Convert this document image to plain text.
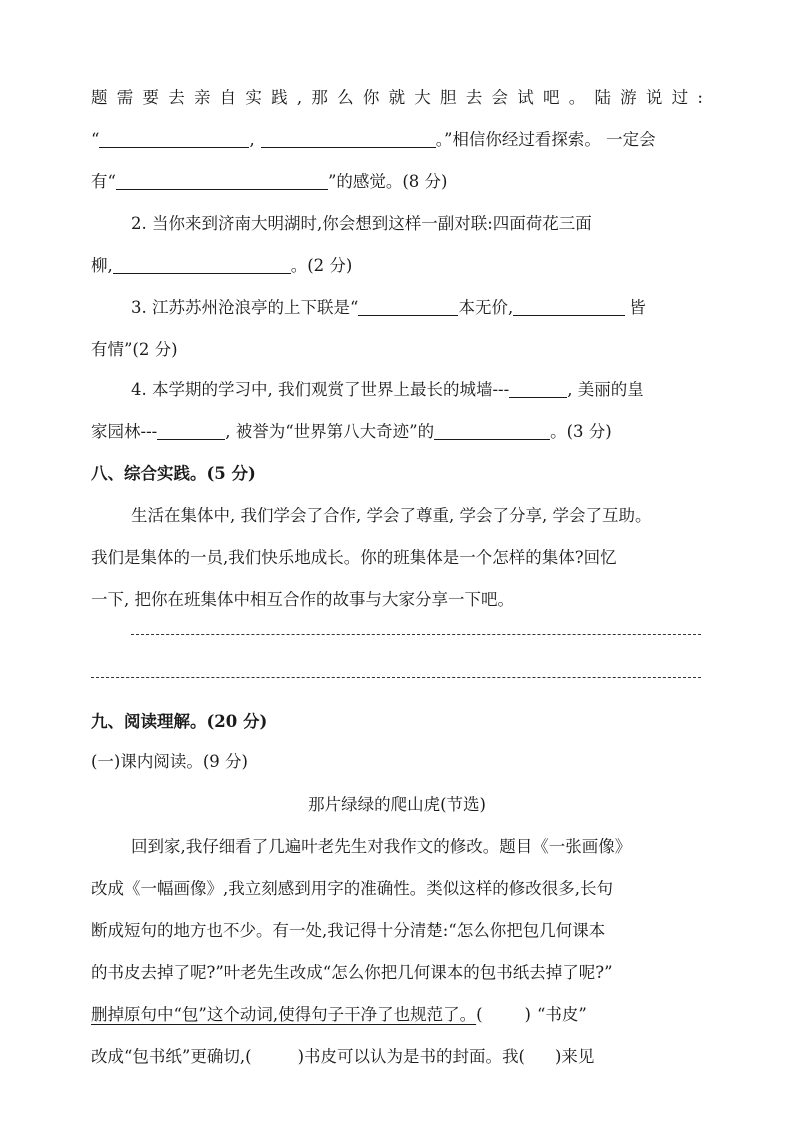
题 需 要 去 亲 自 实 践 , 那 么 你 就 大 胆 去 会 试 吧 。 陆 游 说 过 :
“	,	。”相信你经过看探索。 一定会
有“	”的感觉。(8 分)
2. 当你来到济南大明湖时,你会想到这样一副对联:四面荷花三面
柳,	。(2 分)
3. 江苏苏州沧浪亭的上下联是“	本无价,	皆
有情”(2 分)
4. 本学期的学习中, 我们观赏了世界上最长的城墙---	, 美丽的皇
家园林---	, 被誉为“世界第八大奇迹”的	。(3 分)
八、综合实践。(5 分)
生活在集体中, 我们学会了合作, 学会了尊重, 学会了分享, 学会了互助。
我们是集体的一员,我们快乐地成长。你的班集体是一个怎样的集体?回忆
一下, 把你在班集体中相互合作的故事与大家分享一下吧。
九、阅读理解。(20 分)
(一)课内阅读。(9 分)
那片绿绿的爬山虎(节选)
回到家,我仔细看了几遍叶老先生对我作文的修改。题目《一张画像》
改成《一幅画像》,我立刻感到用字的准确性。类似这样的修改很多,长句
断成短句的地方也不少。有一处,我记得十分清楚:“怎么你把包几何课本
的书皮去掉了呢?”叶老先生改成“怎么你把几何课本的包书纸去掉了呢?”
删掉原句中“包”这个动词,使得句子干净了也规范了。(        ) “书皮”
改成“包书纸”更确切,(	)书皮可以认为是书的封面。我( )来见
